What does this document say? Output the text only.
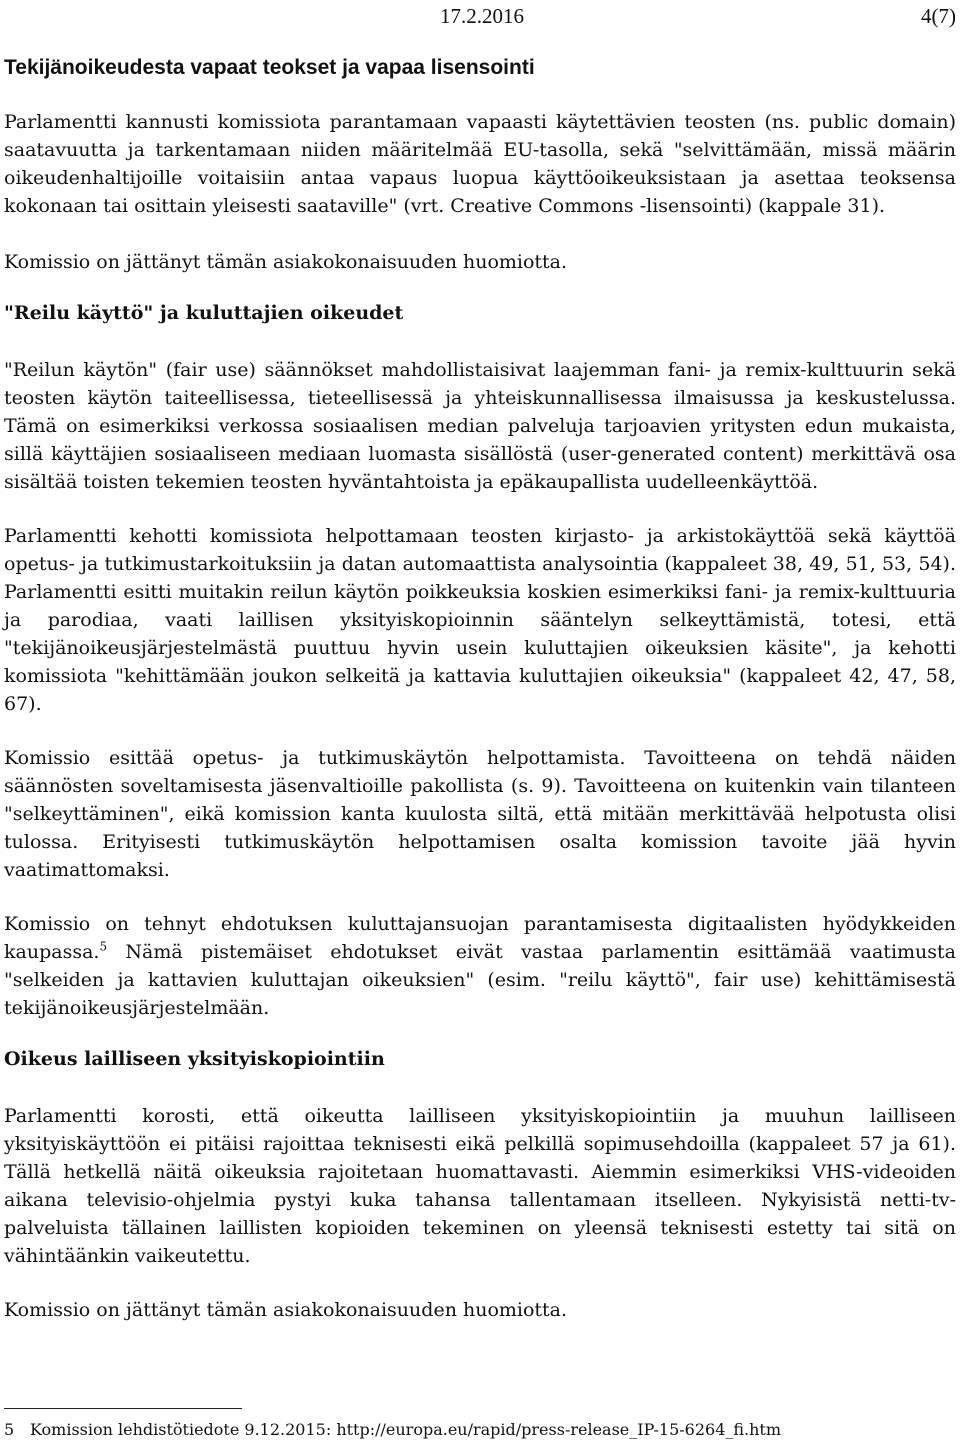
17.2.2016	4(7)
Tekijänoikeudesta vapaat teokset ja vapaa lisensointi

Parlamentti kannusti komissiota parantamaan vapaasti käytettävien teosten (ns. public domain) saatavuutta ja tarkentamaan niiden määritelmää EU-tasolla, sekä "selvittämään, missä määrin oikeudenhaltijoille voitaisiin antaa vapaus luopua käyttöoikeuksistaan ja asettaa teoksensa kokonaan tai osittain yleisesti saataville" (vrt. Creative Commons -lisensointi) (kappale 31).

Komissio on jättänyt tämän asiakokonaisuuden huomiotta.

"Reilu käyttö" ja kuluttajien oikeudet

"Reilun käytön" (fair use) säännökset mahdollistaisivat laajemman fani- ja remix-kulttuurin sekä teosten käytön taiteellisessa, tieteellisessä ja yhteiskunnallisessa ilmaisussa ja keskustelussa. Tämä on esimerkiksi verkossa sosiaalisen median palveluja tarjoavien yritysten edun mukaista, sillä käyttäjien sosiaaliseen mediaan luomasta sisällöstä (user-generated content) merkittävä osa sisältää toisten tekemien teosten hyväntahtoista ja epäkaupallista uudelleenkäyttöä.

Parlamentti kehotti komissiota helpottamaan teosten kirjasto- ja arkistokäyttöä sekä käyttöä opetus- ja tutkimustarkoituksiin ja datan automaattista analysointia (kappaleet 38, 49, 51, 53, 54). Parlamentti esitti muitakin reilun käytön poikkeuksia koskien esimerkiksi fani- ja remix-kulttuuria ja parodiaa, vaati laillisen yksityiskopioinnin sääntelyn selkeyttämistä, totesi, että "tekijänoikeusjärjestelmästä puuttuu hyvin usein kuluttajien oikeuksien käsite", ja kehotti komissiota "kehittämään joukon selkeitä ja kattavia kuluttajien oikeuksia" (kappaleet 42, 47, 58, 67).

Komissio esittää opetus- ja tutkimuskäytön helpottamista. Tavoitteena on tehdä näiden säännösten soveltamisesta jäsenvaltioille pakollista (s. 9). Tavoitteena on kuitenkin vain tilanteen "selkeyttäminen", eikä komission kanta kuulosta siltä, että mitään merkittävää helpotusta olisi tulossa. Erityisesti tutkimuskäytön helpottamisen osalta komission tavoite jää hyvin vaatimattomaksi.

Komissio on tehnyt ehdotuksen kuluttajansuojan parantamisesta digitaalisten hyödykkeiden kaupassa.$^5$ Nämä pistemäiset ehdotukset eivät vastaa parlamentin esittämää vaatimusta "selkeiden ja kattavien kuluttajan oikeuksien" (esim. "reilu käyttö", fair use) kehittämisestä tekijänoikeusjärjestelmään.

Oikeus lailliseen yksityiskopiointiin

Parlamentti korosti, että oikeutta lailliseen yksityiskopiointiin ja muuhun lailliseen yksityiskäyttöön ei pitäisi rajoittaa teknisesti eikä pelkillä sopimusehdoilla (kappaleet 57 ja 61). Tällä hetkellä näitä oikeuksia rajoitetaan huomattavasti. Aiemmin esimerkiksi VHS-videoiden aikana televisio-ohjelmia pystyi kuka tahansa tallentamaan itselleen. Nykyisistä netti-tv-palveluista tällainen laillisten kopioiden tekeminen on yleensä teknisesti estetty tai sitä on vähintäänkin vaikeutettu.

Komissio on jättänyt tämän asiakokonaisuuden huomiotta.

5 Komission lehdistötiedote 9.12.2015: http://europa.eu/rapid/press-release_IP-15-6264_fi.htm
